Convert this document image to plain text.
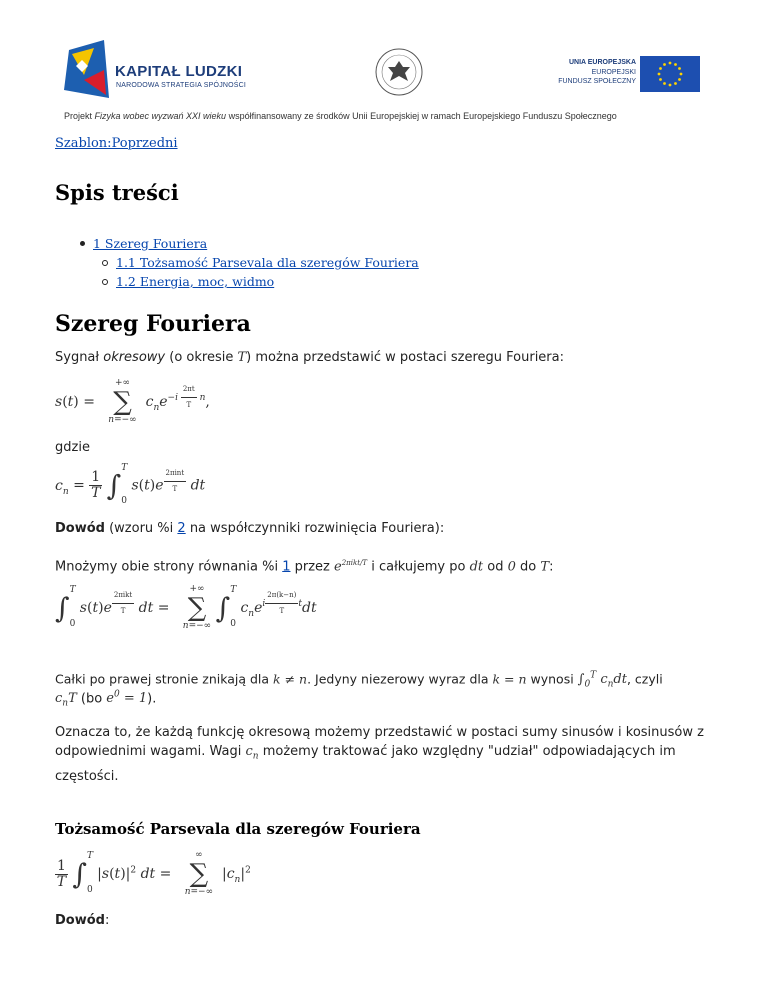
KAPITAŁ LUDZKI
NARODOWA STRATEGIA SPÓJNOŚCI
UNIA EUROPEJSKA
EUROPEJSKI
FUNDUSZ SPOŁECZNY
Projekt Fizyka wobec wyzwań XXI wieku współfinansowany ze środków Unii Europejskiej w ramach Europejskiego Funduszu Społecznego
Szablon:Poprzedni
Spis treści
1 Szereg Fouriera
1.1 Tożsamość Parsevala dla szeregów Fouriera
1.2 Energia, moc, widmo
Szereg Fouriera
Sygnał okresowy (o okresie T) można przedstawić w postaci szeregu Fouriera:
s(t) =
+∞
∑
n=−∞
$c_ne^{-i \frac{2\pi t}{T} n}$,
gdzie
$c_n = \frac{1}{T} \int^T_0$ s(t)e $^{\frac{\text{2πint}}{T}}$ dt
Dowód (wzoru %i 2 na współczynniki rozwinięcia Fouriera):
Mnożymy obie strony równania %i 1 przez $e^{2\pi ikt/T}$ i całkujemy po dt od 0 do T:
∫$^T_0$ s(t)e $^{\frac{\text{2πikt}}{T}}$ dt =
+∞
∑
n=−∞
∫$^T_0$ $c_ne^{i \frac{2\pi(k-n)}{T} t}dt$
Całki po prawej stronie znikają dla k ≠ n. Jedyny niezerowy wyraz dla k = n wynosi $\int_0^T$ $c_ndt$, czyli
$c_nT$ (bo $e^0 = 1$).
Oznacza to, że każdą funkcję okresową możemy przedstawić w postaci sumy sinusów i kosinusów z
odpowiednimi wagami. Wagi $c_n$ możemy traktować jako względny "udział" odpowiadających im
częstości.
Tożsamość Parsevala dla szeregów Fouriera
$\frac{1}{T} \int^T_0$ $|s(t)|^2$ dt =
∞
∑
n=−∞
$|c_n|^2$
Dowód:
